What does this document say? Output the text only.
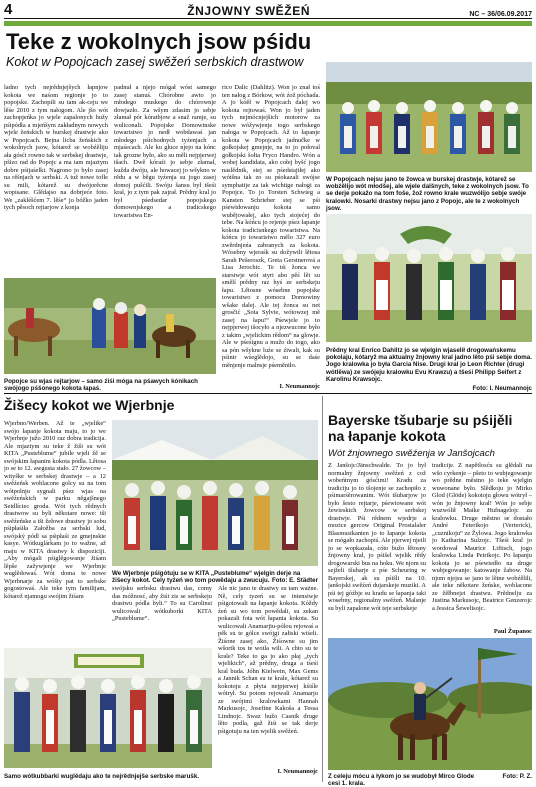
4	ŽNJOWNY SWĚŽEŃ	NC – 36/06.09.2017
Teke z wokolnych jsow pśidu
Kokot w Popojcach zasej swěžeń serbskich drastwow

ladno tych nejrědnjejšych łapnjow kokota we naśom regionje jo to popojske. Zachopili su tam ak-ceju we lěśe 2010 z tym nałogom. Ale jšo wót zachopjeńka jo wjele zapalonych hužy pśipódła a mjeńšym zakładnym nowych wjele žeńskich w burskej drastwje ako w Popojcach. Bejna licba žeńskich z wokolnych jsow, kótarež se wobźěliju ała gósći rowno tak w serbskej drastwje, pšizo rad do Popojc a ma tam mjaztym dobre pśijaśelki. Nagrono jo było zasej na rěšnjach w serbski. A tuž nowe tofle su mili, kótarež su dwójorěcne wopisane. Glědajso na dobrjeće foto. We „zakléšćem 7. lěśe“ jo bóžko jaden tych pěsoch rejtarjow z konja

padnuł a njejo mógał wóst samego zasej stanuś. Chórobne awto jo młodego muskego do chórownje dowjazło. Za wšym zdasim jo sebje złamał pór kóratbjow a snaž ramje, su wuliconali. Popojske Domowinske towaristwo jo nedł wobdawaś jan młodego pśichodnych tyźenjach a mjaśecach. Ale ku gluce njejo na kónc tak grozne było, ako su měli nejpjerwej tšach. Dwě kóraźi jo sebje złamał, kužda dwóju, ale howacej jo wšykno w rědu a w běgu tyźenja su jogo zasej domoj pušćili. Swóju šansu był tšeśi kral, jo z tym pak zajrał. Prědny kral jo był pśedsedar popojskego domownjskego a tradicskego towaristwa En-

rico Dalic (Dahlitz). Won jo znał toś ten nałog z Bórkow, wót źož póchada. A jo kóěł w Popojcach dalej wo kokota rejtowaś. Won jo był jaden tych nejmócnjejšich motorow za nowe wóžywjenje togo serbskego nałoga w Popojcach. Až to łapanje kokota w Popojcach jadnučke w gołkojskej gmejnje, na to jo połoval gołkojski šołta Fryco Handro. Wón a wobej kandidata, ako cołej byšć jogo naslědnik, stej se pśedstajiłej ako wótšna tak zo su pśokazali swójse symphatije za tak wichtige nałogi za Popojce. To jo Torsten Schwieg a Kansten Schrieber stej se pśi pśewidowanju kokota samo wubějowałej, ako tych stojećej do tebe. Na kóńcu jo rejenje pśez łapanje kokota tradicisnkego towaristwa. Na kóńcu jo towaristwo mělo 327 euro zwěrdnjeńa zabranych za kokota. Wósebny wjeraśk su dožywili lětosa Sarah Pešeroszk, Greta Gerstnerová a Lisa Jerochic. Te tśi žonca we starstwje wót styri abo pěś lět su smělí prědny raz hyś ze serbskeju łapu. Lětosne wósebne popojske towaristwo z pomocu Domowiny wšake dalej. Ale tej žonca su net grosčić „Sota Sylvie, wótowzej mě zasej na łapu!“ Pśewjele jo to nejpjerwej tšocyło a njezwucone było z takim „wjelickim rědom“ na glowje. Ale w pśeśignu a mužo do togo, ako sa pón wšykne luźe se źiwali, kak su pśinir wśeglědojo, su se daśe měnjenje malnsje pśeměniło.

I. Neumannojc
Popojce su wjas rejtarjow – samo źiśi móga na pśawych kónikach swójogo pśšonego kokota łapaś.
W Popojcach nejsu jano te žowca w burskej drastwje, kótarež se wobźělijo wót młodšej, ale wjele dalšnych, teke z wokolnych jsow. To se derje pokažo na tom foše, žož rowno krale wuzwólijo sebje swóje kralowki. Nosarki drastwy nejsu jano z Popojc, ale te z wokolnych jsow.
Prědny kral Enrico Dahlitz jo se wjelgin wjaselił drogowańskemu pokolaju, kótaryž ma aktualny žnjowny kral jadno lěto pśi sebje doma. Jogo kralowka jo była Garcia Nise. Drugi kral jo Leon Richter (drugi wótlěwa) ze swójeju kralowku Evu Krawzu) a tšeśi Philipp Seifert z Karolinu Krawsojc.
Foto: I. Neumannojc
Žišecy kokot we Wjerbnje

Wjerbno/Werben. Až te „wjelike“ swójo łapanje kokota maju, to jo we Wjerbnje južo 2010 raz dobra tradicija. Ale mjaztym su teke ž žiši su wót KITA „Pusteblume“ jubile wjeli žě se swójskim łapanim kokota pódla. Lětosa jo se to 12. awgusta stało. 27 žowcow – wityške w serbskej drastwje – a 12 swěźeńsk woblacone golcy su na tom wótpolnju sygnali pśez wjas na swěźeńskich w parku něgajšnego Seidlíciec groda. Wót tych rědnych drastwow su byli někotare nowe: tši swěźeńske a tši žełowe drastwy jo sobu pśipłaśiła Załožba za serbski lud, swójský pódl sa pśipłaśi ze gmejnskie kasye. Wótkuglárkam jo to wažne, až maju w KITA drastwy k dispoziciji. „Aby mógali pśiglěgowanje žiśam lěpše zažywjenje we Wjerbnje wuglědowaś. Wót doma te nowe Wjerbnarje za wóšty pat to serbske gogostowaś. Ale teke tym familijam, kótarež njamogu swójim žiśam

We Wjerbnje pśigótuju se w KITA „Pusteblume“ wjelgin derje na žišecy kokot. Cely tyźeń wo tom powědaju a zwucuju. Foto: E. Städter

swójsku serbsku drastwu das, comy das móžnosć, aby žiśi zis se serbskeju drastwu pódla byli.“ To su Carolinsi wulicowali wótkuborki KITA „Pusteblume“.

Ale nic jano te drastwy su tam ważne. Ně, cely tyzeń su se intensiwje pśigotowali na łapanje kokota. Kóždy źeń su wo tom powědali, su zekan pokazali fota wót łapania kokota. Su wulicowali Anamarjiu-pólou rejowaś a pěk su te gólce swójgi załiski wiśeli. Žiśone zasej ako, Žiśowne su jim wšortk tos te wotla wili. A chto su te krale? Teke to ga jo ako płaj „tych wjelikich“, až prědny, druga a tśeśi kral buda. Jóhn Kielwein, Max Gems a Jannik Schan su te krale, kótarež su kokotoju z płyta nejpjerwej kśiśle wótrył. Su potom rejowali Anamarju ze swójimi kralowkami Hannah Markusojc, Josefine Kakoša a Tessa Lindnojc. Swaz bužo Casnik druge lěto podla, gaž žiśi se tak derje pśigotuju na ten wjelik swěźeń.

I. Neumannojc
Samo wótkubbarki wuglědaju ako te nejrědnjejše serbske marušk.
Bayerske tšubarje su pśijěli na łapanje kokota
Wót žnjownego swěźenja w Janšojcach

Z Janšojc/Jänschwalde. To jo był normalny žnjowny swěźeń z což wobeńtnym gósćimi! Kradu za tradiciju jo to tšojenje se zachopiło z pśimarśěrowanim. Wót tšubarjow jo było šesto rejtarje, pśewiowane wót žewieskich žowcow w serbskej drastwje. Pśi rědnem wjedrje a mozice gercow Original Prostalaler Blasmusikanten jo to łapanje kokota se mógało zachopiś. Ale pjerwej njeili jo se wopkazała, cóto bužo lětosny žnjowny kral, jo pśišel wjelik rědy drogowarski bus na hoku. We njom su sejželi tšubarje z pśe Scheuring w Bayerskej, ak su pśišli na 10. janšojski swěźeń dujarskeje muziki. A pśi tej góźbje su kradu se łapanja taki wosebny, regionalny swěźeń. Malsnje su byli zapalone wót teje serbskeje

tradicije. Z napětlosću su glědali na wšo cyrkenje – pšeto to wubjegowanje wo prědne městno jo teke wjelgin wuwonane było. Slědkoju jo Mirko Glod (Glöde) kokotoju głowu wótrył – wón jo žnjowny kral! Wón jo sebje wuzwólił Maike Hufnagelojc za kralowku. Druge městno se dostało André Feterikojo (Verterick), „cuznikoju“ ze Žylowa. Jogo kralowka jo Katharina Sulzojc. Tšeśi kral jo wordował Maurice Liftisch, jogo kralowka Linda Petrikojc. Po łapanju kokota jo se pśewiedło na druge wubjegowanje: katowanje žabow. Na njom njejsu se jano te lětne wobźělili, ale teke někotare žeńske, woblacone ze žěłbnejei drastwu. Prědnelju za Justina Markusojc, Beatrice Genzerojc a Jessica Šewelisojc.

Paul Županoc
Z celeju mócu a łykom jo se wudobył Mirco Glode cesi 1. krala.
Foto: P. Z.
